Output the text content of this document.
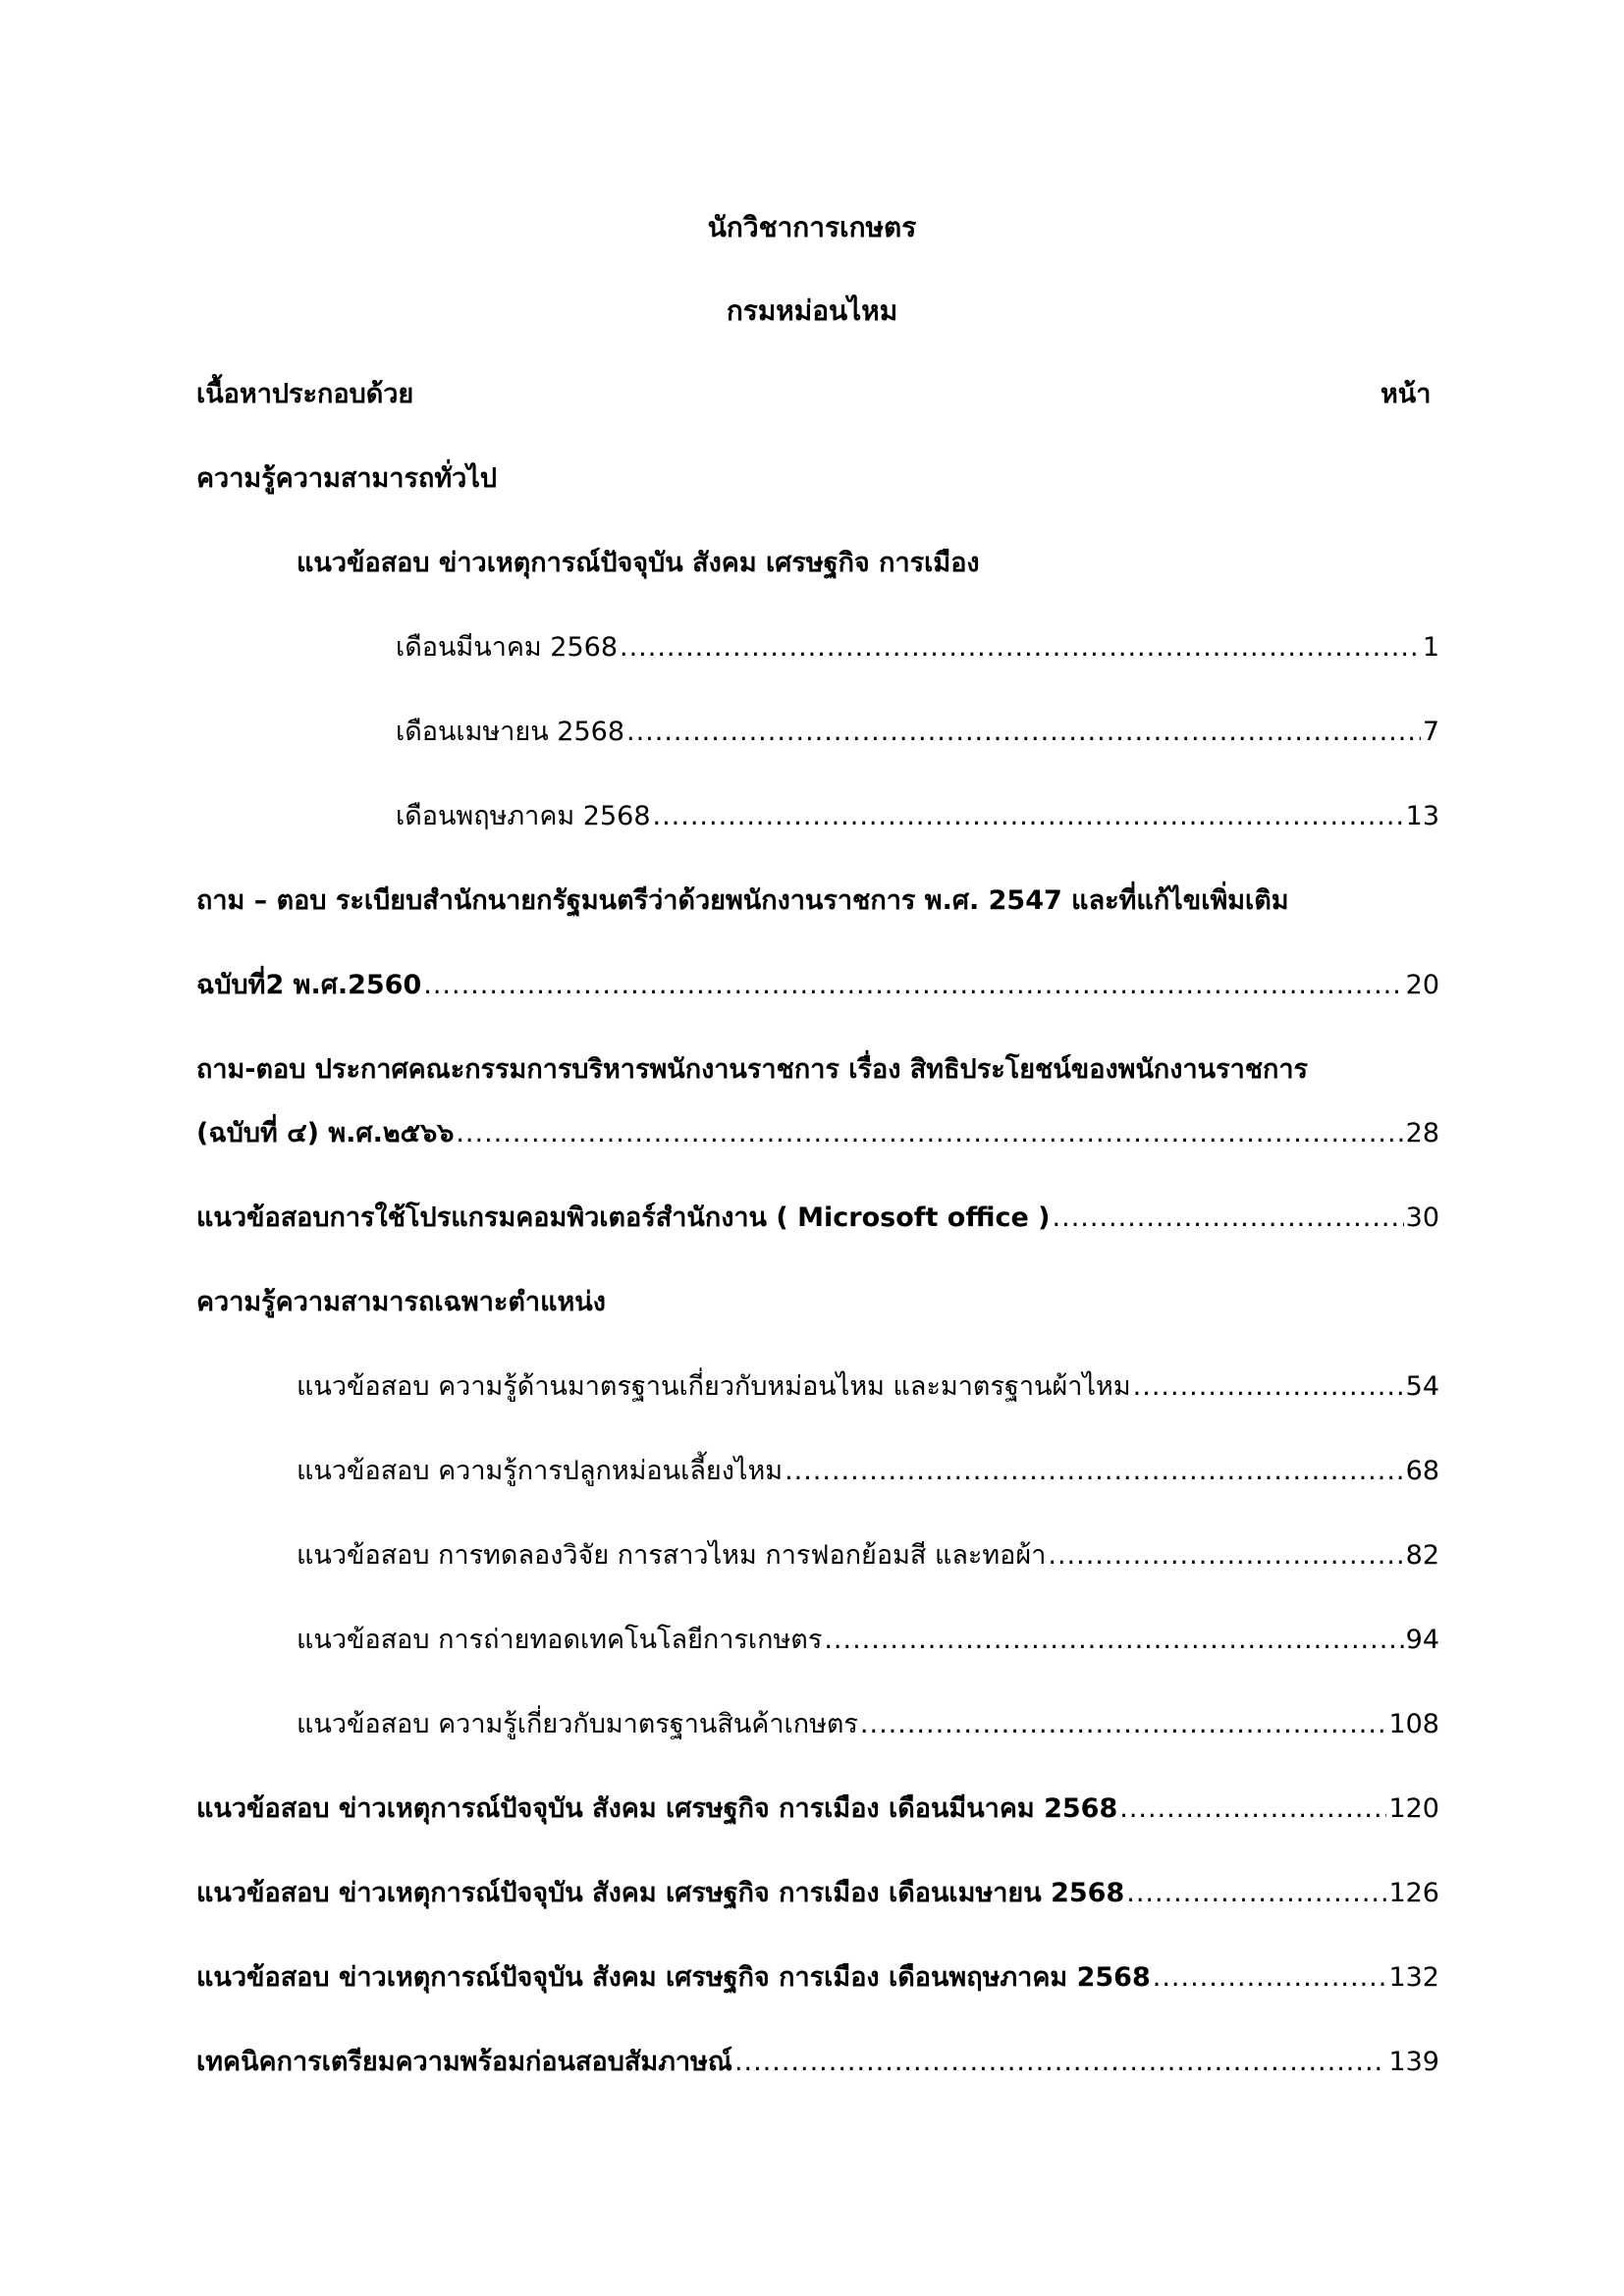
นักวิชาการเกษตร
กรมหม่อนไหม
เนื้อหาประกอบด้วย	หน้า
ความรู้ความสามารถทั่วไป
แนวข้อสอบ ข่าวเหตุการณ์ปัจจุบัน สังคม เศรษฐกิจ การเมือง
เดือนมีนาคม 2568 .....	1
เดือนเมษายน 2568 .....	7
เดือนพฤษภาคม 2568 .....	13
ถาม – ตอบ ระเบียบสำนักนายกรัฐมนตรีว่าด้วยพนักงานราชการ พ.ศ. 2547 และที่แก้ไขเพิ่มเติม
ฉบับที่2 พ.ศ.2560 .....	20
ถาม-ตอบ ประกาศคณะกรรมการบริหารพนักงานราชการ เรื่อง สิทธิประโยชน์ของพนักงานราชการ
(ฉบับที่ ๔) พ.ศ.๒๕๖๖ .....	28
แนวข้อสอบการใช้โปรแกรมคอมพิวเตอร์สำนักงาน ( Microsoft office ) .....	30
ความรู้ความสามารถเฉพาะตำแหน่ง
แนวข้อสอบ ความรู้ด้านมาตรฐานเกี่ยวกับหม่อนไหม และมาตรฐานผ้าไหม .....	54
แนวข้อสอบ ความรู้การปลูกหม่อนเลี้ยงไหม .....	68
แนวข้อสอบ การทดลองวิจัย การสาวไหม การฟอกย้อมสี และทอผ้า .....	82
แนวข้อสอบ การถ่ายทอดเทคโนโลยีการเกษตร .....	94
แนวข้อสอบ ความรู้เกี่ยวกับมาตรฐานสินค้าเกษตร .....	108
แนวข้อสอบ ข่าวเหตุการณ์ปัจจุบัน สังคม เศรษฐกิจ การเมือง เดือนมีนาคม 2568 .....	120
แนวข้อสอบ ข่าวเหตุการณ์ปัจจุบัน สังคม เศรษฐกิจ การเมือง เดือนเมษายน 2568 .....	126
แนวข้อสอบ ข่าวเหตุการณ์ปัจจุบัน สังคม เศรษฐกิจ การเมือง เดือนพฤษภาคม 2568 .....	132
เทคนิคการเตรียมความพร้อมก่อนสอบสัมภาษณ์ .....	139
